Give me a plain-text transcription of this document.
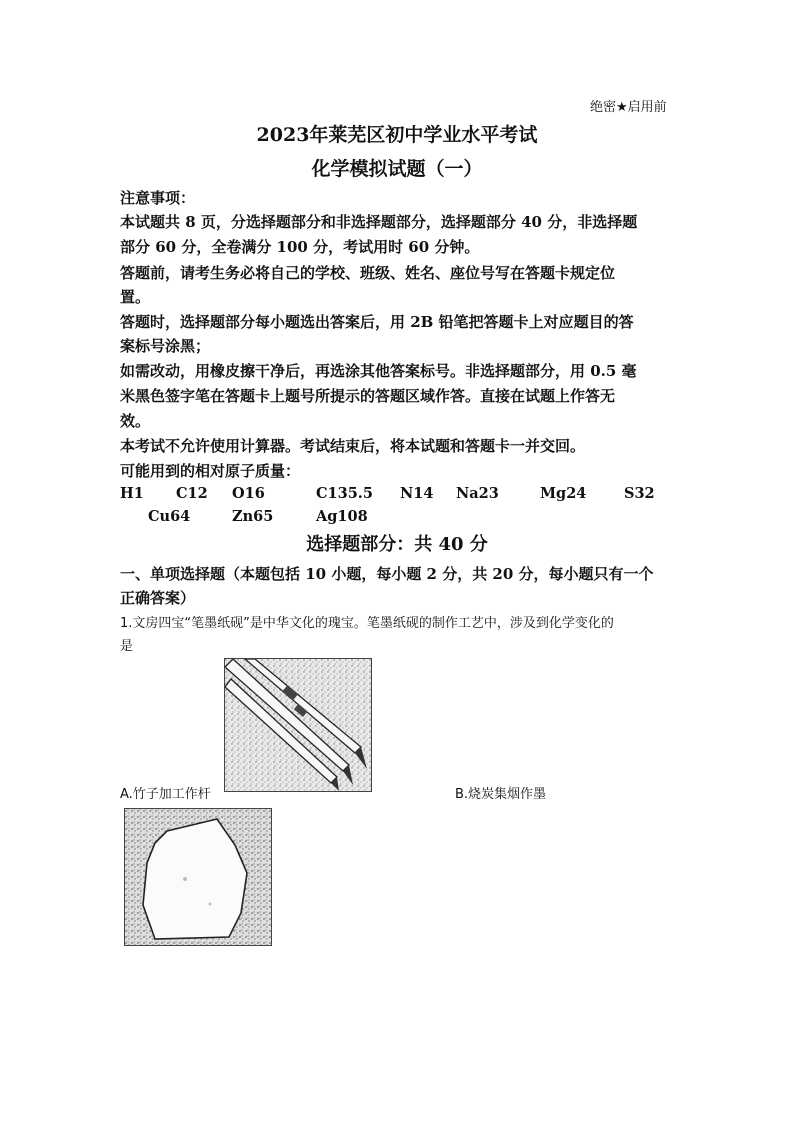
绝密★启用前
2023年莱芜区初中学业水平考试
化学模拟试题（一）
注意事项：
本试题共 8 页，分选择题部分和非选择题部分，选择题部分 40 分，非选择题
部分 60 分，全卷满分 100 分，考试用时 60 分钟。
答题前，请考生务必将自己的学校、班级、姓名、座位号写在答题卡规定位
置。
答题时，选择题部分每小题选出答案后，用 2B 铅笔把答题卡上对应题目的答
案标号涂黑；
如需改动，用橡皮擦干净后，再选涂其他答案标号。非选择题部分，用 0.5 毫
米黑色签字笔在答题卡上题号所提示的答题区域作答。直接在试题上作答无
效。
本考试不允许使用计算器。考试结束后，将本试题和答题卡一并交回。
可能用到的相对原子质量：
H1 C12 O16	C135.5 N14 Na23	Mg24	S32
Cu64	Zn65	Ag108
选择题部分：共 40 分
一、单项选择题（本题包括 10 小题，每小题 2 分，共 20 分，每小题只有一个
正确答案）
1.文房四宝“笔墨纸砚”是中华文化的瑰宝。笔墨纸砚的制作工艺中，涉及到化学变化的
是
A.竹子加工作杆	B.烧炭集烟作墨
